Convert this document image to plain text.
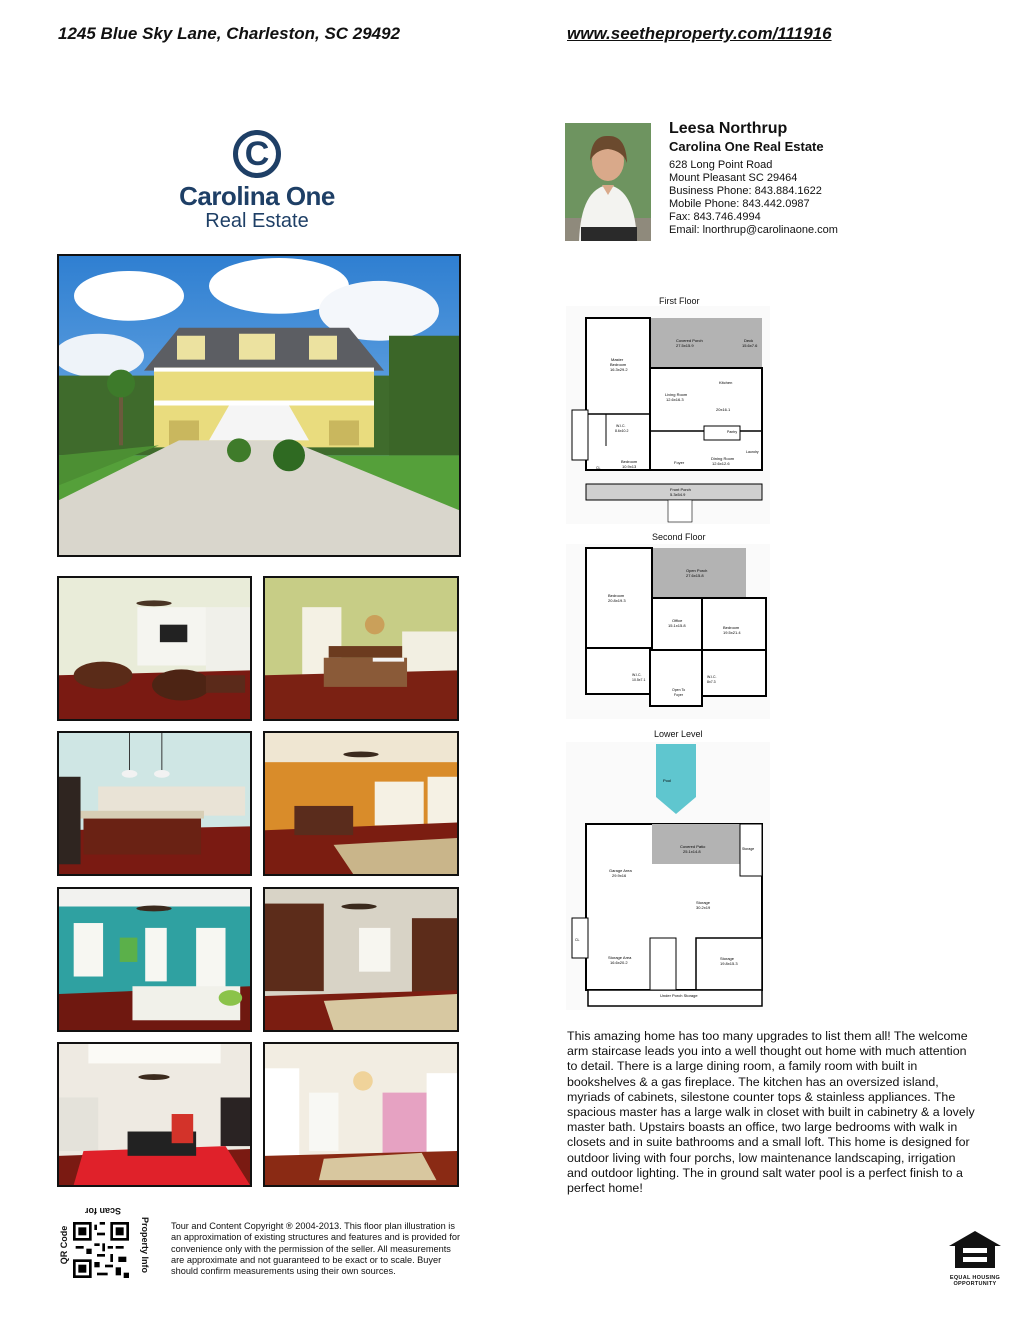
1245 Blue Sky Lane, Charleston, SC 29492	www.seetheproperty.com/111916
C
Carolina One
Real Estate
Leesa Northrup
Carolina One Real Estate
628 Long Point Road
Mount Pleasant SC 29464
Business Phone: 843.884.1622
Mobile Phone: 843.442.0987
Fax: 843.746.4994
Email: lnorthrup@carolinaone.com
First Floor
Covered Porch
27.5x15.9
Deck
15.6x7.6
Master
Bedroom
16.3x29.2
Living Room
12.6x16.3
Kitchen
20x16.1
Pantry
Bedroom
10.9x13
Foyer
Dining Room
12.6x12.6
Laundry
Front Porch
5.3x54.9
W.I.C.
8.6x10.2
CL
Second Floor
Open Porch
27.6x15.8
Bedroom
20.8x19.3
Office
15.1x15.8	Bedroom
19.5x21.4
W.I.C.
10.5x7.1
W.I.C.
8x7.3
Open To
Foyer
Lower Level
Pool
Covered Patio
25.1x14.8	Storage
Garage Area
29.9x16
Storage
30.2x19
Storage Area
16.6x20.2
Storage
19.8x15.3
Under Porch Storage
CL
This amazing home has too many upgrades to list them all! The welcome arm staircase leads you into a well thought out home with much attention to detail. There is a large dining room, a family room with built in bookshelves & a gas fireplace. The kitchen has an oversized island, myriads of cabinets, silestone counter tops & stainless appliances. The spacious master has a large walk in closet with built in cabinetry & a lovely master bath. Upstairs boasts an office, two large bedrooms with walk in closets and in suite bathrooms and a small loft. This home is designed for outdoor living with four porchs, low maintenance landscaping, irrigation and outdoor lighting. The in ground salt water pool is a perfect finish to a perfect home!
Scan for
QR Code	Property Info Tour and Content Copyright ® 2004-2013. This floor plan illustration is an approximation of existing structures and features and is provided for convenience only with the permission of the seller. All measurements are approximate and not guaranteed to be exact or to scale. Buyer should confirm measurements using their own sources.
EQUAL HOUSING
OPPORTUNITY
